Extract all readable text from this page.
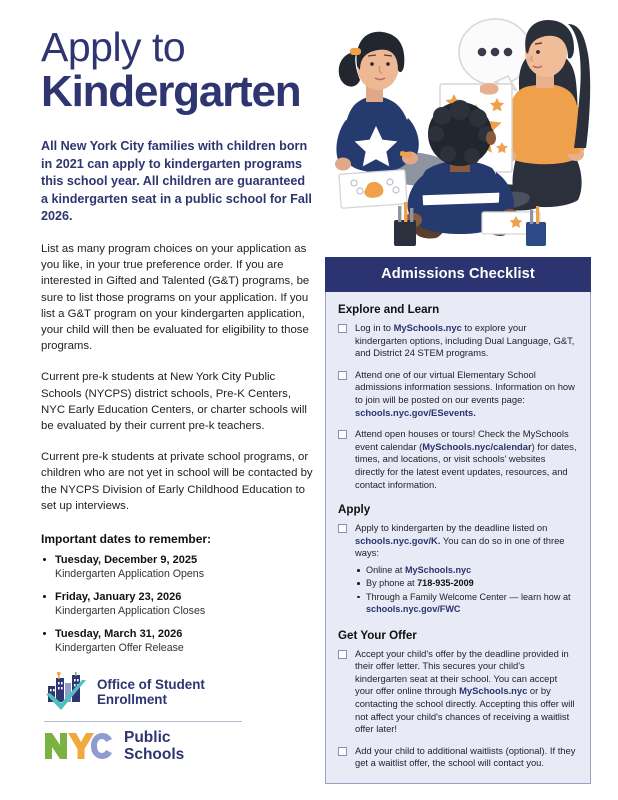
Apply to
Kindergarten
All New York City families with children born in 2021 can apply to kindergarten programs this school year. All children are guaranteed a kindergarten seat in a public school for Fall 2026.
List as many program choices on your application as you like, in your true preference order. If you are interested in Gifted and Talented (G&T) programs, be sure to list those programs on your application. If you list a G&T program on your kindergarten application, your child will then be evaluated for eligibility to those programs.
Current pre-k students at New York City Public Schools (NYCPS) district schools, Pre-K Centers, NYC Early Education Centers, or charter schools will be evaluated by their current pre-k teachers.
Current pre-k students at private school programs, or children who are not yet in school will be contacted by the NYCPS Division of Early Childhood Education to set up interviews.
Important dates to remember:
Tuesday, December 9, 2025
Kindergarten Application Opens
Friday, January 23, 2026
Kindergarten Application Closes
Tuesday, March 31, 2026
Kindergarten Offer Release
Admissions Checklist
Explore and Learn
Log in to MySchools.nyc to explore your kindergarten options, including Dual Language, G&T, and District 24 STEM programs.
Attend one of our virtual Elementary School admissions information sessions. Information on how to join will be posted on our events page: schools.nyc.gov/ESevents.
Attend open houses or tours! Check the MySchools event calendar (MySchools.nyc/calendar) for dates, times, and locations, or visit schools' websites directly for the latest event updates, resources, and contact information.
Apply
Apply to kindergarten by the deadline listed on schools.nyc.gov/K. You can do so in one of three ways:
Online at MySchools.nyc
By phone at 718-935-2009
Through a Family Welcome Center — learn how at schools.nyc.gov/FWC
Get Your Offer
Accept your child's offer by the deadline provided in their offer letter. This secures your child's kindergarten seat at their school. You can accept your offer online through MySchools.nyc or by contacting the school directly. Accepting this offer will not affect your child's chances of receiving a waitlist offer later!
Add your child to additional waitlists (optional). If they get a waitlist offer, the school will contact you.
Office of Student
Enrollment
Public
Schools
